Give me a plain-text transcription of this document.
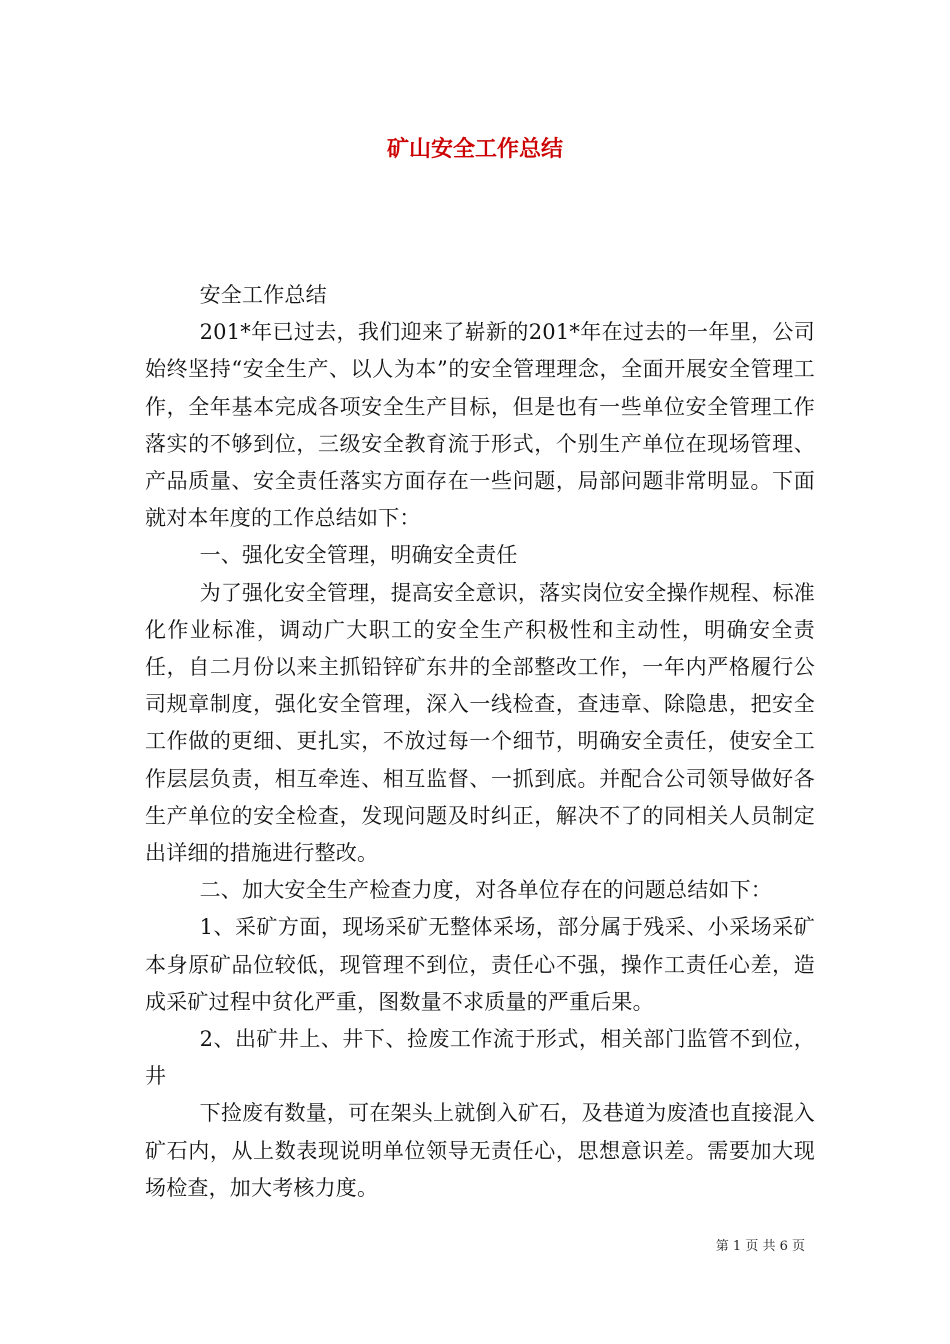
矿山安全工作总结

安全工作总结

201*年已过去，我们迎来了崭新的201*年在过去的一年里，公司始终坚持“安全生产、以人为本”的安全管理理念，全面开展安全管理工作，全年基本完成各项安全生产目标，但是也有一些单位安全管理工作落实的不够到位，三级安全教育流于形式，个别生产单位在现场管理、产品质量、安全责任落实方面存在一些问题，局部问题非常明显。下面就对本年度的工作总结如下：

一、强化安全管理，明确安全责任

为了强化安全管理，提高安全意识，落实岗位安全操作规程、标准化作业标准，调动广大职工的安全生产积极性和主动性，明确安全责任，自二月份以来主抓铅锌矿东井的全部整改工作，一年内严格履行公司规章制度，强化安全管理，深入一线检查，查违章、除隐患，把安全工作做的更细、更扎实，不放过每一个细节，明确安全责任，使安全工作层层负责，相互牵连、相互监督、一抓到底。并配合公司领导做好各生产单位的安全检查，发现问题及时纠正，解决不了的同相关人员制定出详细的措施进行整改。

二、加大安全生产检查力度，对各单位存在的问题总结如下：

1、采矿方面，现场采矿无整体采场，部分属于残采、小采场采矿本身原矿品位较低，现管理不到位，责任心不强，操作工责任心差，造成采矿过程中贫化严重，图数量不求质量的严重后果。

2、出矿井上、井下、捡废工作流于形式，相关部门监管不到位，井

下捡废有数量，可在架头上就倒入矿石，及巷道为废渣也直接混入矿石内，从上数表现说明单位领导无责任心，思想意识差。需要加大现场检查，加大考核力度。

第 1 页 共 6 页
